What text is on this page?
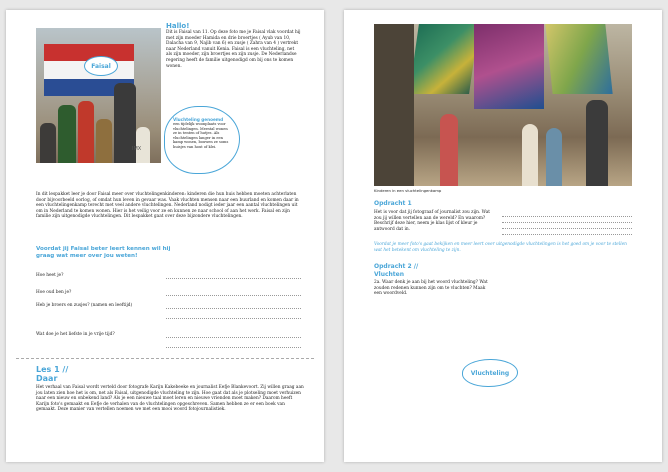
Faisal
IMX
Hallo!

Dit is Faisal van 11. Op deze foto me je Faisal vlak voordat hij met zijn moeder Hamida en drie broertjes ( Ayub van 10, Dalacha van 9, Najib van 6) en zusje ( Zahra van 4 ) vertrekt naar Nederland vanuit Kenia. Faisal is een vluchteling, net als zijn moeder, zijn broertjes en zijn zusje. De Nederlandse regering heeft de familie uitgenodigd om bij ons te komen wonen.

Vluchteling genoemd
een tijdelijk woonplaats voor vluchtelingen. Meestal wonen ze in tenten of hutjes. Als vluchtelingen langer in een kamp wonen, bouwen ze soms huisjes van hout of klei.

In dit lespakket leer je door Faisal meer over vluchtelingenkinderen: kinderen die hun huis hebben moeten achterlaten door bijvoorbeeld oorlog, of omdat hun leven in gevaar was. Vaak vluchten mensen naar een buurland en komen daar in een vluchtelingenkamp terecht met veel andere vluchtelingen. Nederland nodigt ieder jaar een aantal vluchtelingen uit om in Nederland te komen wonen. Hier is het veilig voor ze en kunnen ze naar school of aan het werk. Faisal en zijn familie zijn uitgenodigde vluchtelingen. Dit lespakket gaat over deze bijzondere vluchtelingen.

Voordat jij Faisal beter leert kennen wil hij graag wat meer over jou weten!
Hoe heet je?
Hoe oud ben je?
Heb je broers en zusjes? (namen en leeftijd)
Wat doe je het liefste in je vrije tijd?
Les 1 //
Daar

Het verhaal van Faisal wordt verteld door fotografe Karijn Kakebeeke en journalist Eefje Blankevoort. Zij willen graag aan jou laten zien hoe het is om, net als Faisal, uitgenodigde vluchteling te zijn. Hoe gaat dat als je plotseling moet verhuizen naar een nieuw en onbekend land? Als je een nieuwe taal moet leren en nieuwe vrienden moet maken? Daarom heeft Karijn foto's gemaakt en Eefje de verhalen van de vluchtelingen opgeschreven. Samen hebben ze er een boek van gemaakt. Deze manier van vertellen noemen we met een mooi woord fotojournalistiek.

Kinderen in een vluchtelingenkamp
Opdracht 1

Het is voor dat jij fotograaf of journalist zou zijn. Wat zou jij willen vertellen aan de wereld? En waarom? Beschrijf deze hier, neem je klas lijst of kleur je antwoord dat in.

Voordat je meer foto's gaat bekijken en meer leert over uitgenodigde vluchtelingen is het goed om je voor te stellen wat het betekent om vluchteling te zijn.

Opdracht 2 //
Vluchten

2a. Waar denk je aan bij het woord vluchteling? Wat zouden redenen kunnen zijn om te vluchten? Maak een woordveld.

Vluchteling
